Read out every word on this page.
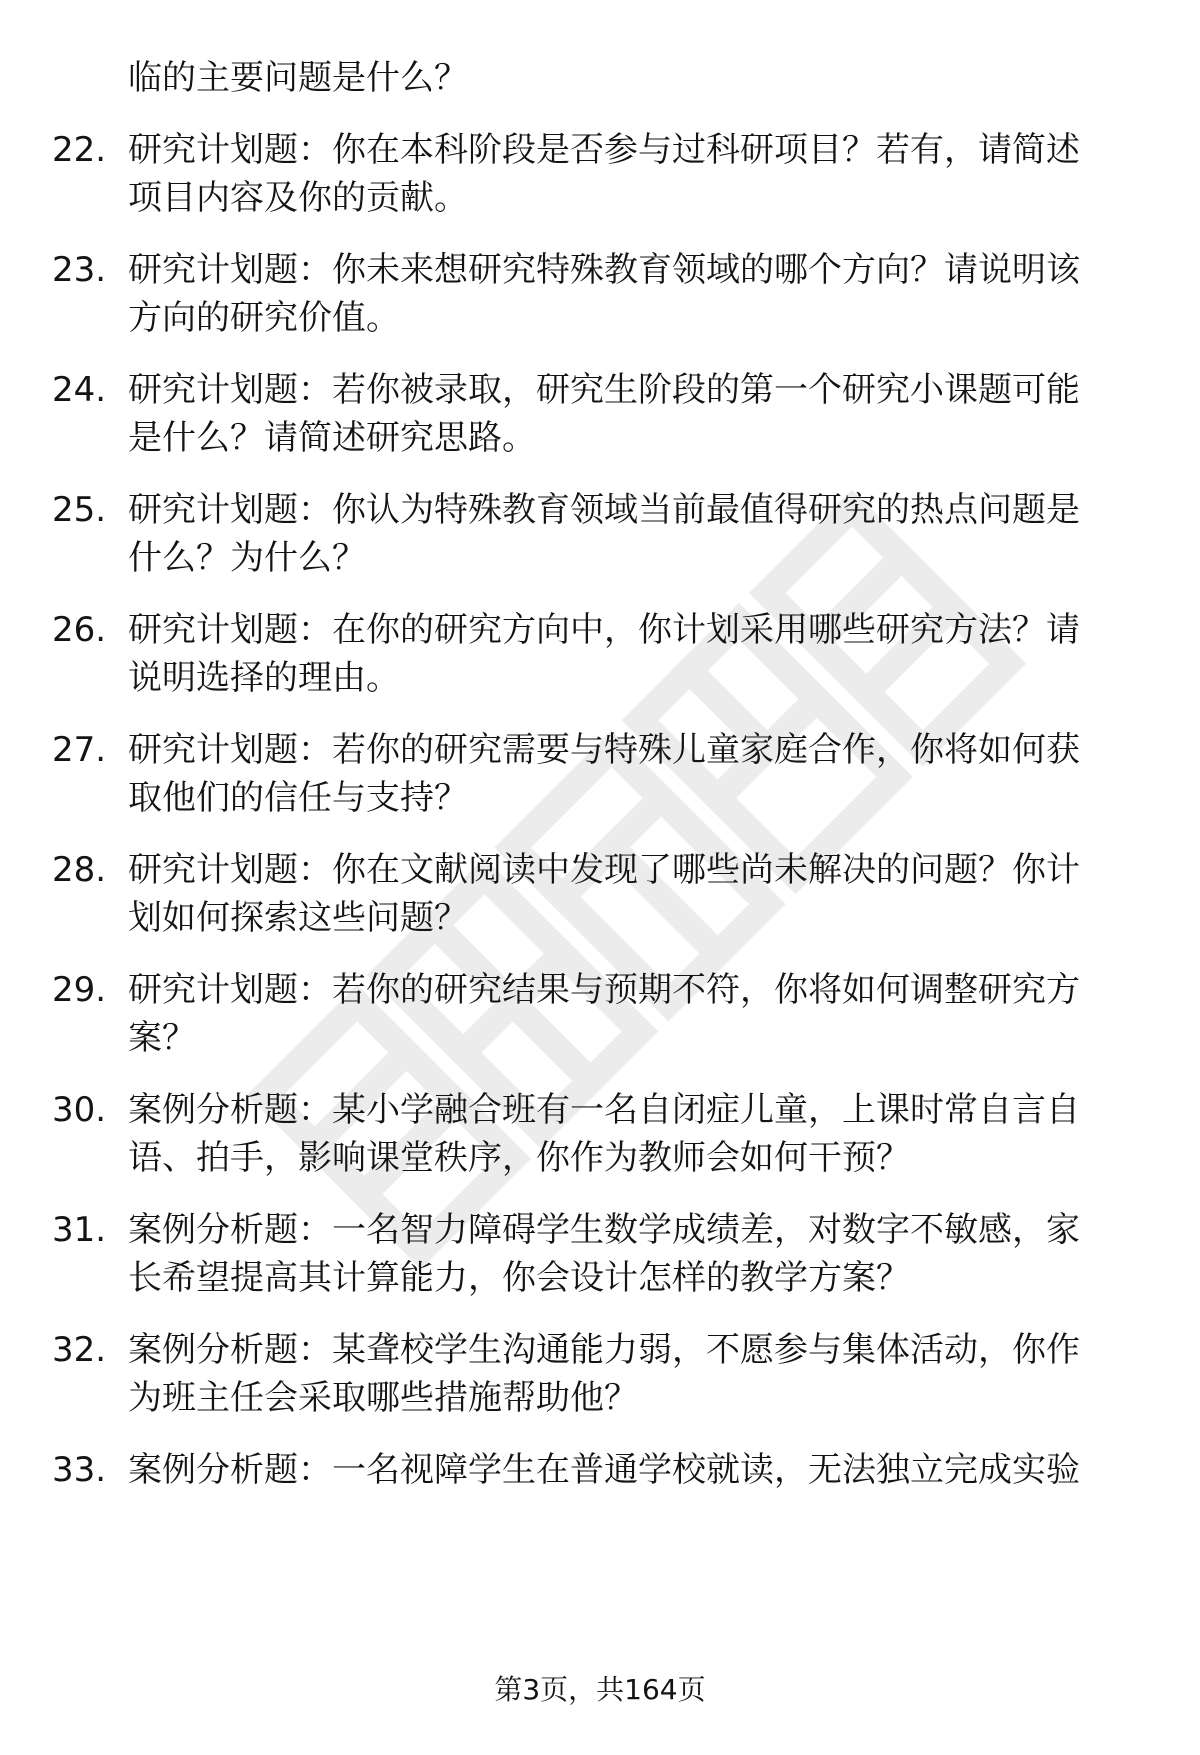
临的主要问题是什么？
22. 研究计划题：你在本科阶段是否参与过科研项目？若有，请简述
项目内容及你的贡献。
23. 研究计划题：你未来想研究特殊教育领域的哪个方向？请说明该
方向的研究价值。
24. 研究计划题：若你被录取，研究生阶段的第一个研究小课题可能
是什么？请简述研究思路。
25. 研究计划题：你认为特殊教育领域当前最值得研究的热点问题是
什么？为什么？
26. 研究计划题：在你的研究方向中，你计划采用哪些研究方法？请
说明选择的理由。
27. 研究计划题：若你的研究需要与特殊儿童家庭合作，你将如何获
取他们的信任与支持？
28. 研究计划题：你在文献阅读中发现了哪些尚未解决的问题？你计
划如何探索这些问题？
29. 研究计划题：若你的研究结果与预期不符，你将如何调整研究方
案？
30. 案例分析题：某小学融合班有一名自闭症儿童，上课时常自言自
语、拍手，影响课堂秩序，你作为教师会如何干预？
31. 案例分析题：一名智力障碍学生数学成绩差，对数字不敏感，家
长希望提高其计算能力，你会设计怎样的教学方案？
32. 案例分析题：某聋校学生沟通能力弱，不愿参与集体活动，你作
为班主任会采取哪些措施帮助他？
33. 案例分析题：一名视障学生在普通学校就读，无法独立完成实验
第3页，共164页
